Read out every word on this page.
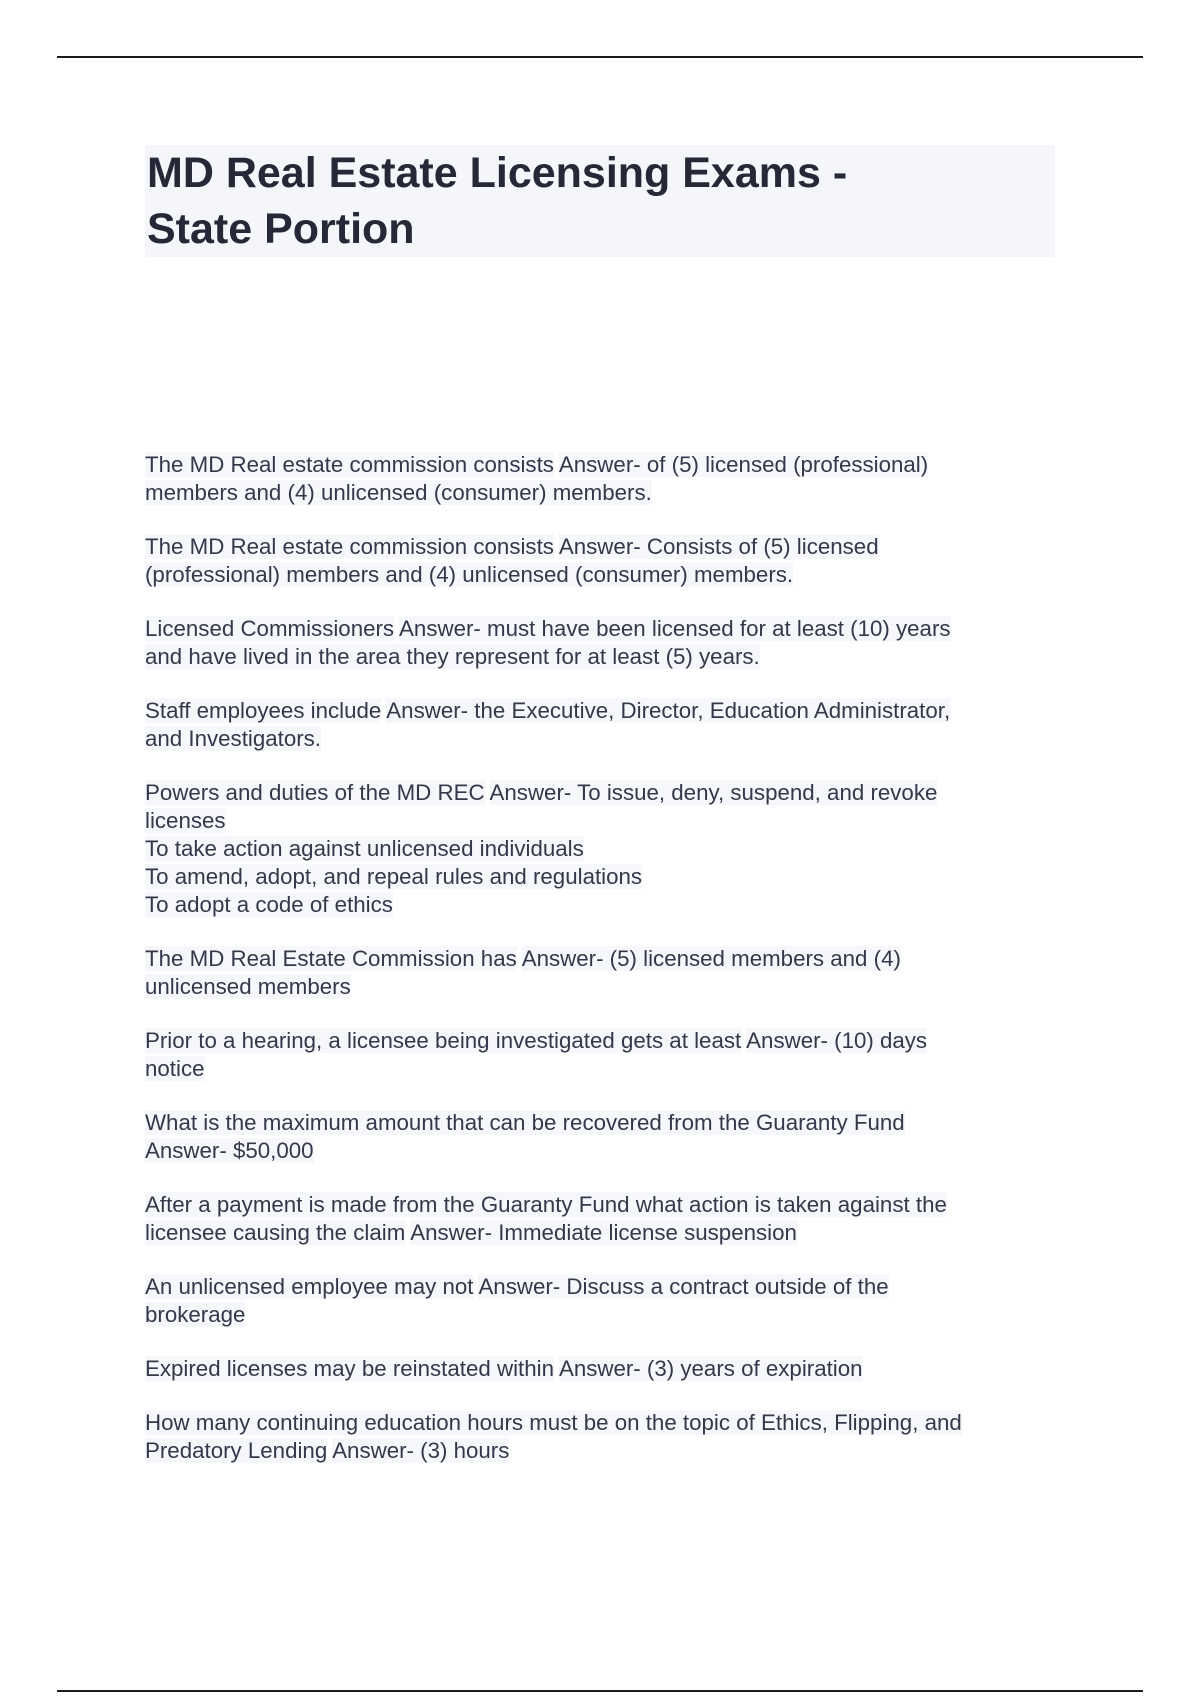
MD Real Estate Licensing Exams -
State Portion

The MD Real estate commission consists Answer- of (5) licensed (professional)
members and (4) unlicensed (consumer) members.

The MD Real estate commission consists Answer- Consists of (5) licensed
(professional) members and (4) unlicensed (consumer) members.

Licensed Commissioners Answer- must have been licensed for at least (10) years
and have lived in the area they represent for at least (5) years.

Staff employees include Answer- the Executive, Director, Education Administrator,
and Investigators.

Powers and duties of the MD REC Answer- To issue, deny, suspend, and revoke
licenses
To take action against unlicensed individuals
To amend, adopt, and repeal rules and regulations
To adopt a code of ethics

The MD Real Estate Commission has Answer- (5) licensed members and (4)
unlicensed members

Prior to a hearing, a licensee being investigated gets at least Answer- (10) days
notice

What is the maximum amount that can be recovered from the Guaranty Fund
Answer- $50,000

After a payment is made from the Guaranty Fund what action is taken against the
licensee causing the claim Answer- Immediate license suspension

An unlicensed employee may not Answer- Discuss a contract outside of the
brokerage

Expired licenses may be reinstated within Answer- (3) years of expiration

How many continuing education hours must be on the topic of Ethics, Flipping, and
Predatory Lending Answer- (3) hours
